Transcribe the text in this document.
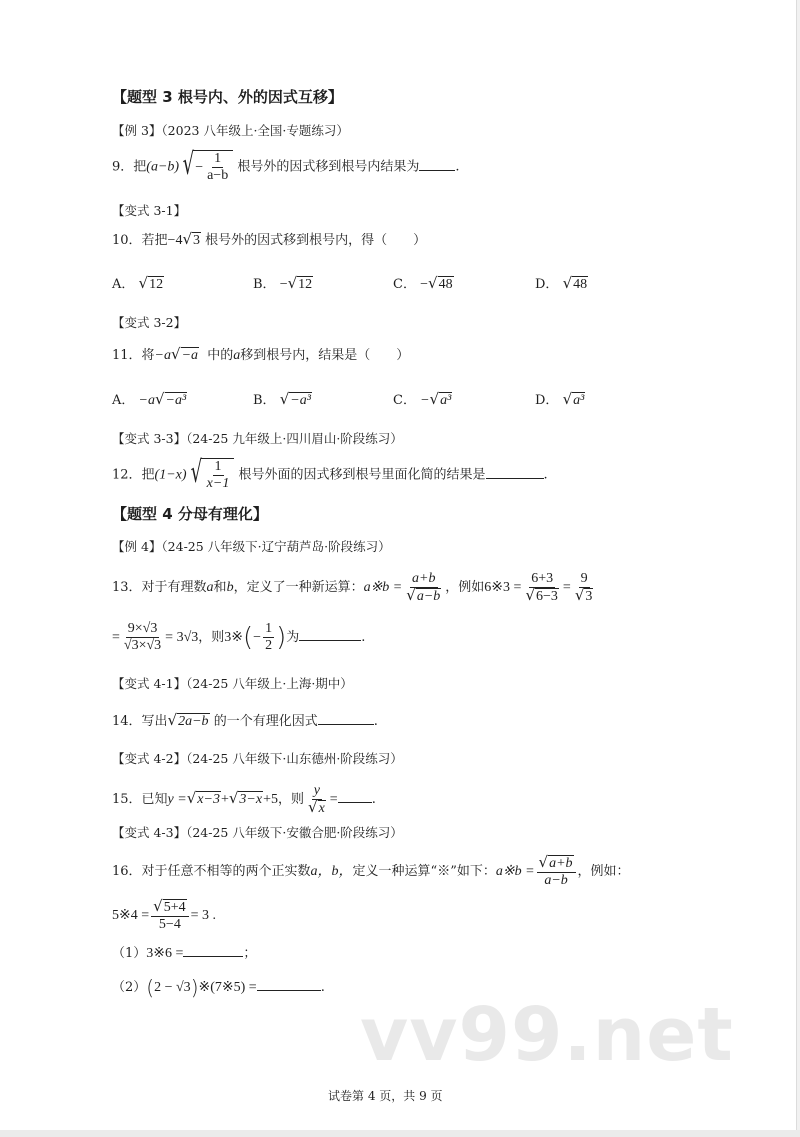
【题型 3 根号内、外的因式互移】
【例 3】（2023 八年级上·全国·专题练习）
9．把(a−b) √ − $\frac{1}{a-b}$ 根号外的因式移到根号内结果为	.
【变式 3-1】
10．若把−4 √ 3 根号外的因式移到根号内，得（　　）
A． √ 12	B． − √ 12	C． − √ 48	D． √ 48
【变式 3-2】
11．将−a √ −a 中的a移到根号内，结果是（　　）
A． −a √ −a³	B． √ −a³	C． − √ a³	D． √ a³
【变式 3-3】（24-25 九年级上·四川眉山·阶段练习）
12．把(1−x) √ $\frac{1}{x-1}$ 根号外面的因式移到根号里面化简的结果是	.
【题型 4 分母有理化】
【例 4】（24-25 八年级下·辽宁葫芦岛·阶段练习）
13．对于有理数a和b，定义了一种新运算：a※b = $\frac{a+b}{√ a-b}$ ，例如6※3 = $\frac{6+3}{√ 6-3} = \frac{9}{√ 3}$
= $\frac{9\times√3}{√3\times√3} = 3√3$，则3※(− $\frac{1}{2}$ )为	.
【变式 4-1】（24-25 八年级上·上海·期中）
14．写出 √ 2a−b 的一个有理化因式	.
【变式 4-2】（24-25 八年级下·山东德州·阶段练习）
15．已知y = √ x−3 + √ 3−x +5，则 $\frac{y}{√ x}$ =	.
【变式 4-3】（24-25 八年级下·安徽合肥·阶段练习）
16．对于任意不相等的两个正实数a，b，定义一种运算“※”如下：a※b = $\frac{√ a+b}{a-b}$ ，例如：
5※4 = $\frac{√ 5+4}{5-4} = 3$ .
（1）3※6 =	；
（2）(2 − √3)※(7※5) =	.
vv99.net
试卷第 4 页，共 9 页
